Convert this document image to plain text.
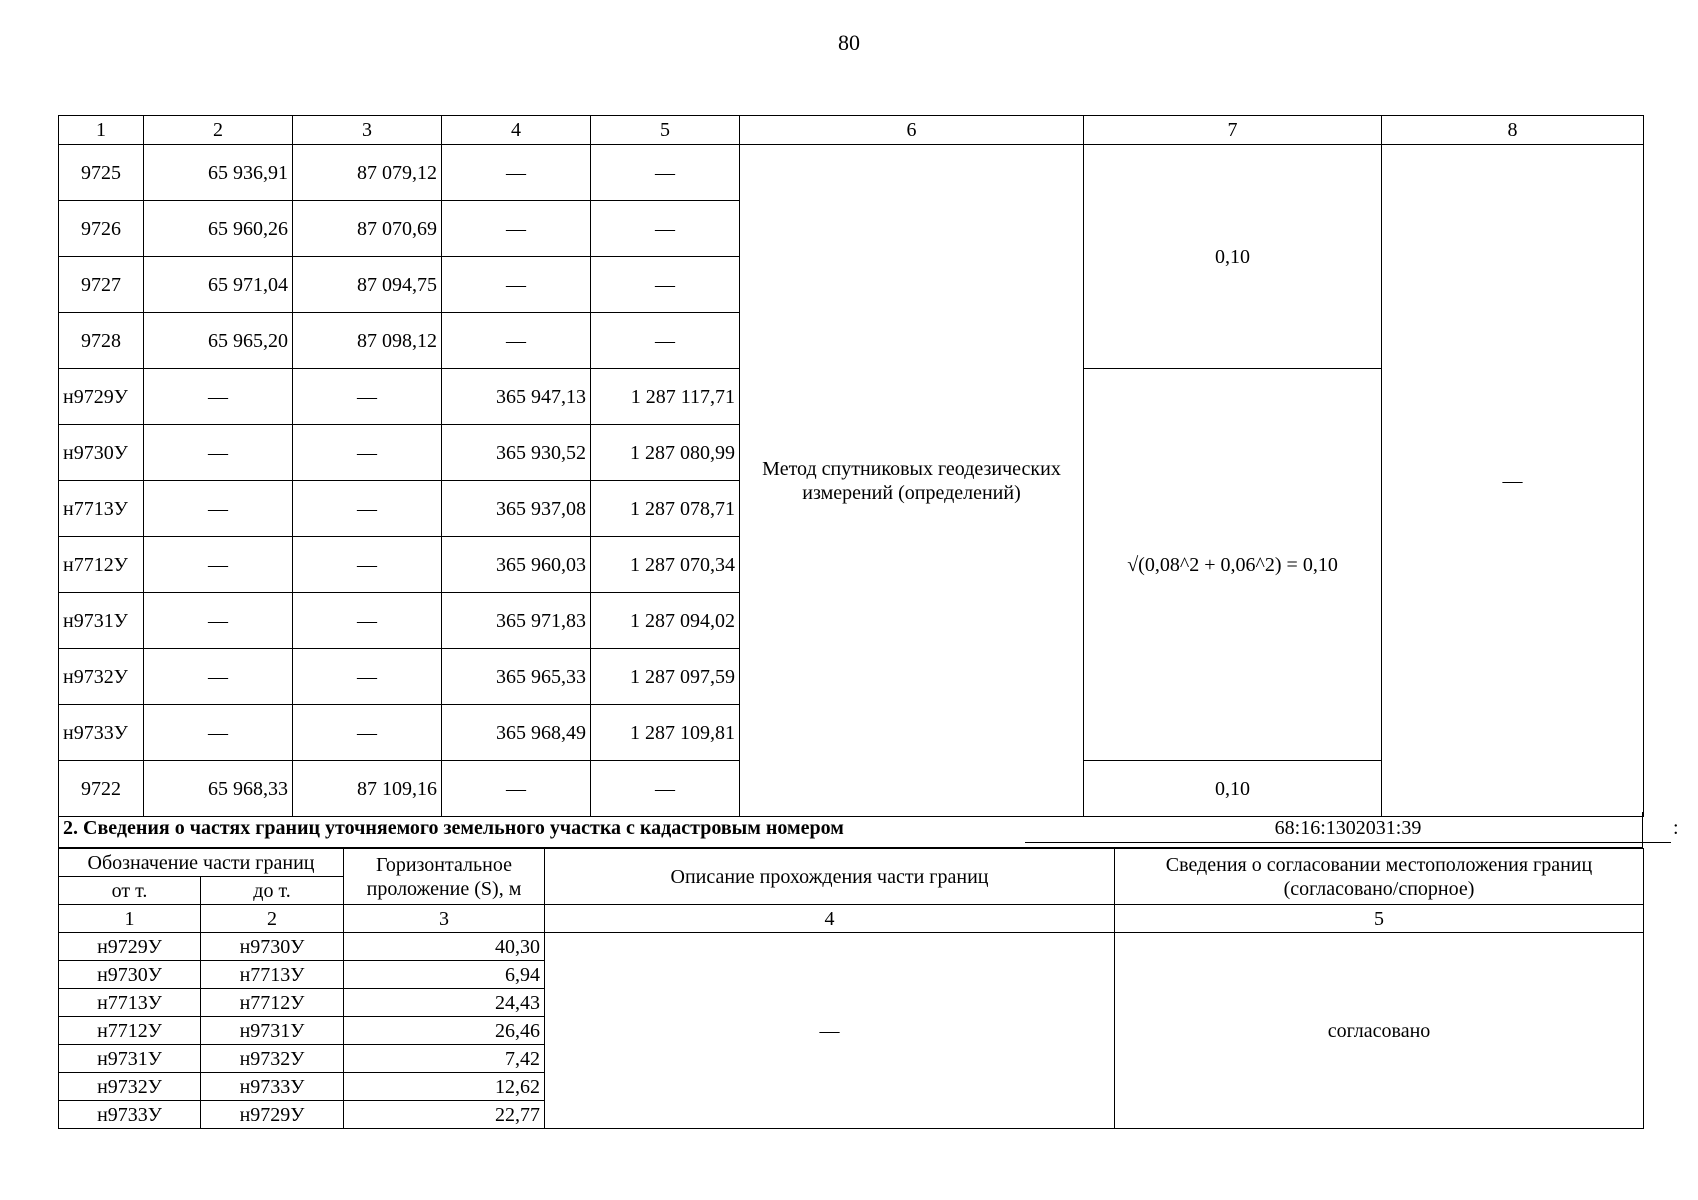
80
1	2	3	4	5	6	7	8
9725	65 936,91	87 079,12	—	—	Метод спутниковых геодезических измерений (определений)	0,10	—
9726	65 960,26	87 070,69	—	—			
9727	65 971,04	87 094,75	—	—			
9728	65 965,20	87 098,12	—	—			
н9729У	—	—	365 947,13	1 287 117,71		√(0,08^2 + 0,06^2) = 0,10	
н9730У	—	—	365 930,52	1 287 080,99			
н7713У	—	—	365 937,08	1 287 078,71			
н7712У	—	—	365 960,03	1 287 070,34			
н9731У	—	—	365 971,83	1 287 094,02			
н9732У	—	—	365 965,33	1 287 097,59			
н9733У	—	—	365 968,49	1 287 109,81			
9722	65 968,33	87 109,16	—	—		0,10	
2. Сведения о частях границ уточняемого земельного участка с кадастровым номером	68:16:1302031:39	:
Обозначение части границ		Горизонтальное проложение (S), м	Описание прохождения части границ	Сведения о согласовании местоположения границ (согласовано/спорное)
от т.	до т.			
1	2	3	4	5
н9729У	н9730У	40,30	—	согласовано
н9730У	н7713У	6,94		
н7713У	н7712У	24,43		
н7712У	н9731У	26,46		
н9731У	н9732У	7,42		
н9732У	н9733У	12,62		
н9733У	н9729У	22,77		
